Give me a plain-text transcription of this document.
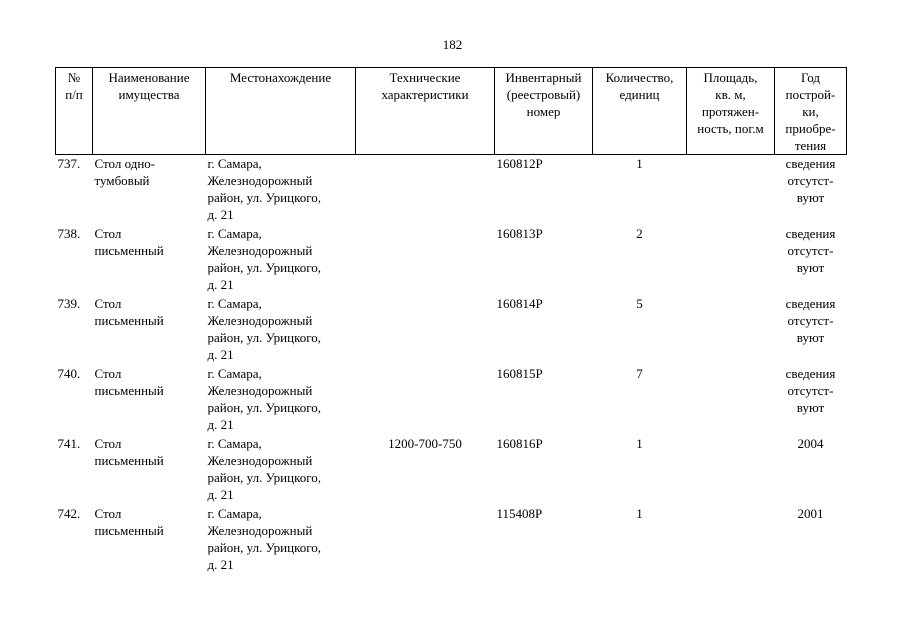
182
№
п/п	Наименование
имущества	Местонахождение	Технические
характеристики	Инвентарный
(реестровый)
номер	Количество,
единиц	Площадь,
кв. м,
протяжен-
ность, пог.м	Год
построй-
ки,
приобре-
тения
737.	Стол одно-
тумбовый	г. Самара,
Железнодорожный
район, ул. Урицкого,
д. 21		160812Р	1		сведения
отсутст-
вуют
738.	Стол
письменный	г. Самара,
Железнодорожный
район, ул. Урицкого,
д. 21		160813Р	2		сведения
отсутст-
вуют
739.	Стол
письменный	г. Самара,
Железнодорожный
район, ул. Урицкого,
д. 21		160814Р	5		сведения
отсутст-
вуют
740.	Стол
письменный	г. Самара,
Железнодорожный
район, ул. Урицкого,
д. 21		160815Р	7		сведения
отсутст-
вуют
741.	Стол
письменный	г. Самара,
Железнодорожный
район, ул. Урицкого,
д. 21	1200-700-750	160816Р	1		2004
742.	Стол
письменный	г. Самара,
Железнодорожный
район, ул. Урицкого,
д. 21		115408Р	1		2001
